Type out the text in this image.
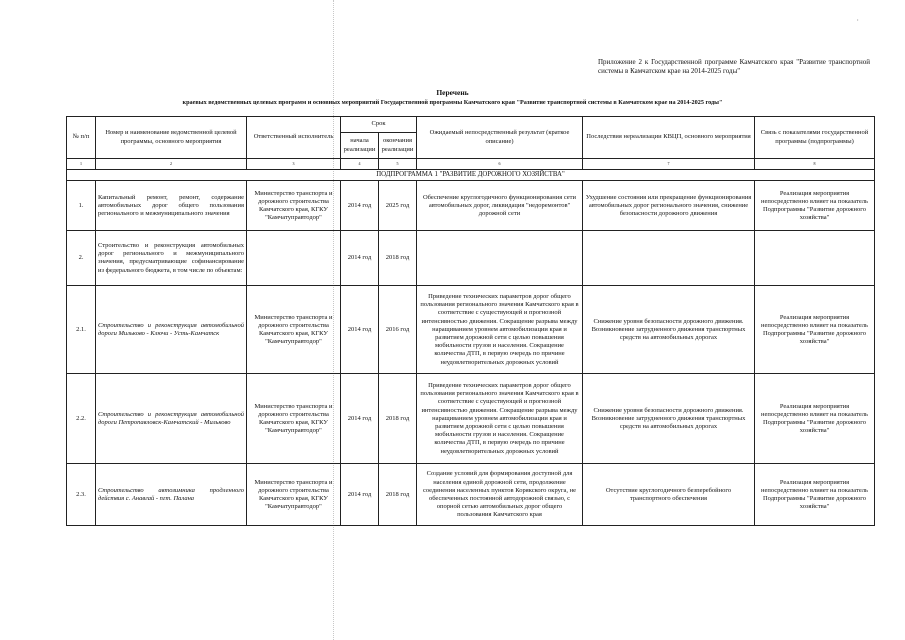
·
Приложение 2 к Государственной программе Камчатского края "Развитие транспортной системы в Камчатском крае на 2014-2025 годы"
Перечень
краевых ведомственных целевых программ и основных мероприятий Государственной программы Камчатского края "Развитие транспортной системы в Камчатском крае на 2014-2025 годы"
№ п/п	Номер и наименование ведомственной целевой программы, основного мероприятия	Ответственный исполнитель	Срок		Ожидаемый непосредственный результат (краткое описание)	Последствия нереализации КВЦП, основного мероприятия	Связь с показателями государственной программы (подпрограммы)
			начала реализации	окончания реализации			
1	2	3	4	5	6	7	8
ПОДПРОГРАММА 1 "РАЗВИТИЕ ДОРОЖНОГО ХОЗЯЙСТВА"							
1.	Капитальный ремонт, ремонт, содержание автомобильных дорог общего пользования регионального и межмуниципального значения	Министерство транспорта и дорожного строительства Камчатского края, КГКУ "Камчатуправтодор"	2014 год	2025 год	Обеспечение круглогодичного функционирования сети автомобильных дорог, ликвидация "недоремонтов" дорожной сети	Ухудшение состояния или прекращение функционирования автомобильных дорог регионального значения, снижение безопасности дорожного движения	Реализация мероприятия непосредственно влияет на показатель Подпрограммы "Развитие дорожного хозяйства"
2.	Строительство и реконструкция автомобильных дорог регионального и межмуниципального значения, предусматривающие софинансирование из федерального бюджета, в том числе по объектам:		2014 год	2018 год			
2.1.	Строительство и реконструкция автомобильной дороги Мильково - Ключи - Усть-Камчатск	Министерство транспорта и дорожного строительства Камчатского края, КГКУ "Камчатуправтодор"	2014 год	2016 год	Приведение технических параметров дорог общего пользования регионального значения Камчатского края в соответствие с существующей и прогнозной интенсивностью движения. Сокращение разрыва между наращиванием уровнем автомобилизации края и развитием дорожной сети с целью повышения мобильности грузов и населения. Сокращение количества ДТП, в первую очередь по причине неудовлетворительных дорожных условий	Снижение уровня безопасности дорожного движения. Возникновение затрудненного движения транспортных средств на автомобильных дорогах	Реализация мероприятия непосредственно влияет на показатель Подпрограммы "Развитие дорожного хозяйства"
2.2.	Строительство и реконструкция автомобильной дороги Петропавловск-Камчатский - Мильково	Министерство транспорта и дорожного строительства Камчатского края, КГКУ "Камчатуправтодор"	2014 год	2018 год	Приведение технических параметров дорог общего пользования регионального значения Камчатского края в соответствие с существующей и прогнозной интенсивностью движения. Сокращение разрыва между наращиванием уровнем автомобилизации края и развитием дорожной сети с целью повышения мобильности грузов и населения. Сокращение количества ДТП, в первую очередь по причине неудовлетворительных дорожных условий	Снижение уровня безопасности дорожного движения. Возникновение затрудненного движения транспортных средств на автомобильных дорогах	Реализация мероприятия непосредственно влияет на показатель Подпрограммы "Развитие дорожного хозяйства"
2.3.	Строительство автозимника продленного действия с. Анавгай - пгт. Палана	Министерство транспорта и дорожного строительства Камчатского края, КГКУ "Камчатуправтодор"	2014 год	2018 год	Создание условий для формирования доступной для населения единой дорожной сети, продолжение соединения населенных пунктов Корякского округа, не обеспеченных постоянной автодорожной связью, с опорной сетью автомобильных дорог общего пользования Камчатского края	Отсутствие круглогодичного безперебойного транспортного обеспечения	Реализация мероприятия непосредственно влияет на показатель Подпрограммы "Развитие дорожного хозяйства"
